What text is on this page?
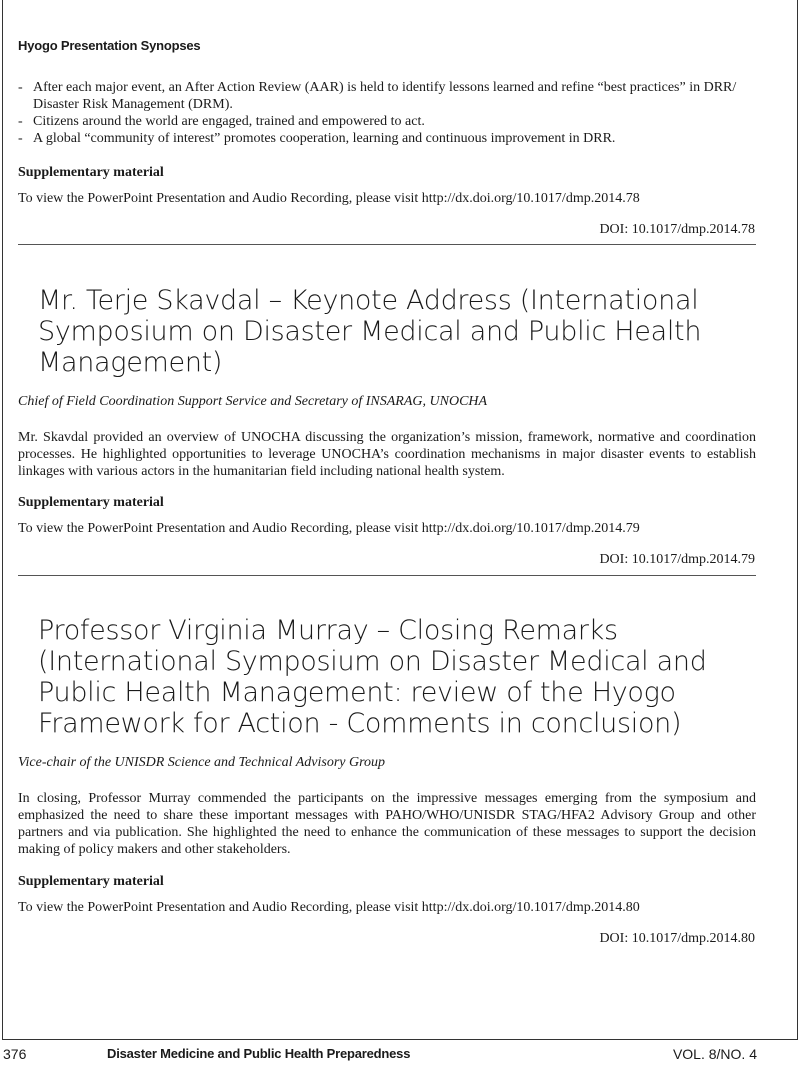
Hyogo Presentation Synopses
- After each major event, an After Action Review (AAR) is held to identify lessons learned and refine “best practices” in DRR/ Disaster Risk Management (DRM).
- Citizens around the world are engaged, trained and empowered to act.
- A global “community of interest” promotes cooperation, learning and continuous improvement in DRR.
Supplementary material
To view the PowerPoint Presentation and Audio Recording, please visit http://dx.doi.org/10.1017/dmp.2014.78
DOI: 10.1017/dmp.2014.78
Mr. Terje Skavdal – Keynote Address (International Symposium on Disaster Medical and Public Health Management)
Chief of Field Coordination Support Service and Secretary of INSARAG, UNOCHA

Mr. Skavdal provided an overview of UNOCHA discussing the organization’s mission, framework, normative and coordination processes. He highlighted opportunities to leverage UNOCHA’s coordination mechanisms in major disaster events to establish linkages with various actors in the humanitarian field including national health system.

Supplementary material
To view the PowerPoint Presentation and Audio Recording, please visit http://dx.doi.org/10.1017/dmp.2014.79
DOI: 10.1017/dmp.2014.79
Professor Virginia Murray – Closing Remarks (International Symposium on Disaster Medical and Public Health Management: review of the Hyogo Framework for Action - Comments in conclusion)
Vice-chair of the UNISDR Science and Technical Advisory Group

In closing, Professor Murray commended the participants on the impressive messages emerging from the symposium and emphasized the need to share these important messages with PAHO/WHO/UNISDR STAG/HFA2 Advisory Group and other partners and via publication. She highlighted the need to enhance the communication of these messages to support the decision making of policy makers and other stakeholders.

Supplementary material
To view the PowerPoint Presentation and Audio Recording, please visit http://dx.doi.org/10.1017/dmp.2014.80
DOI: 10.1017/dmp.2014.80
376	Disaster Medicine and Public Health Preparedness	VOL. 8/NO. 4
